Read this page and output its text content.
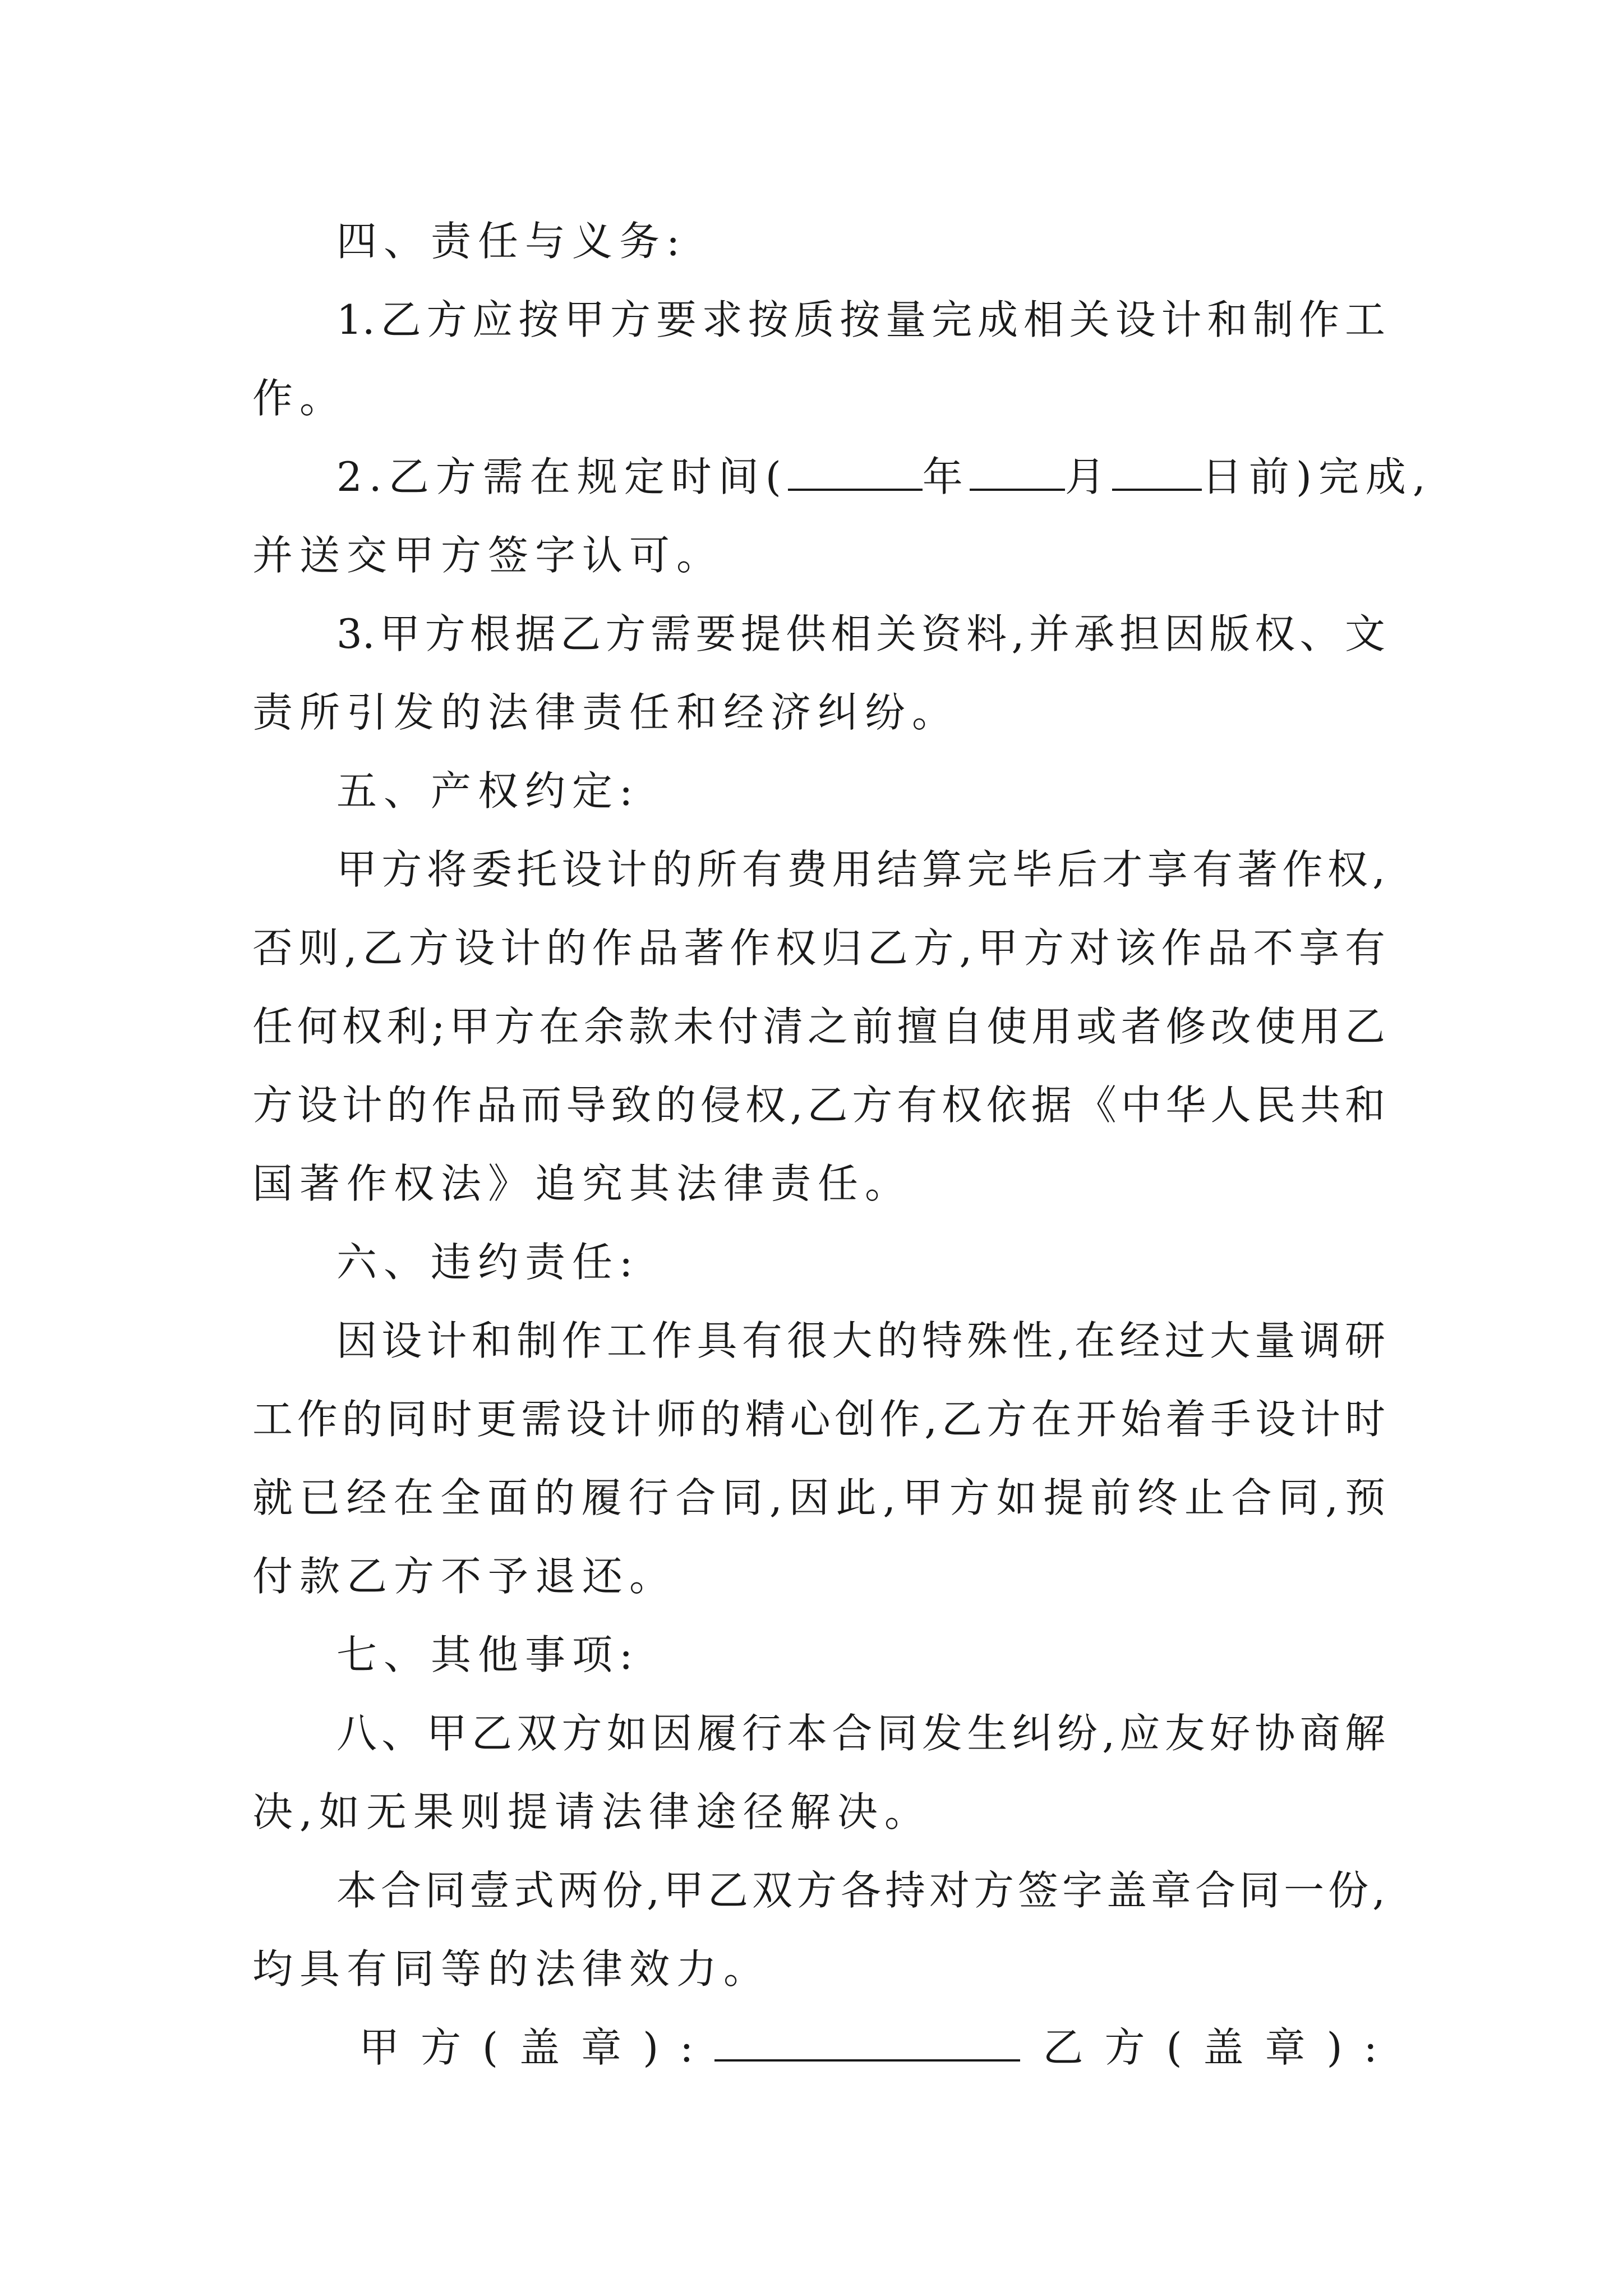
四、责任与义务:
1.乙方应按甲方要求按质按量完成相关设计和制作工
作。
2.乙方需在规定时间(	年 月 日前)完成,
并送交甲方签字认可。
3.甲方根据乙方需要提供相关资料,并承担因版权、文
责所引发的法律责任和经济纠纷。
五、产权约定:
甲方将委托设计的所有费用结算完毕后才享有著作权,
否则,乙方设计的作品著作权归乙方,甲方对该作品不享有
任何权利;甲方在余款未付清之前擅自使用或者修改使用乙
方设计的作品而导致的侵权,乙方有权依据《中华人民共和
国著作权法》追究其法律责任。
六、违约责任:
因设计和制作工作具有很大的特殊性,在经过大量调研
工作的同时更需设计师的精心创作,乙方在开始着手设计时
就已经在全面的履行合同,因此,甲方如提前终止合同,预
付款乙方不予退还。
七、其他事项:
八、甲乙双方如因履行本合同发生纠纷,应友好协商解
决,如无果则提请法律途径解决。
本合同壹式两份,甲乙双方各持对方签字盖章合同一份,
均具有同等的法律效力。
甲方(盖章):	乙方(盖章):
